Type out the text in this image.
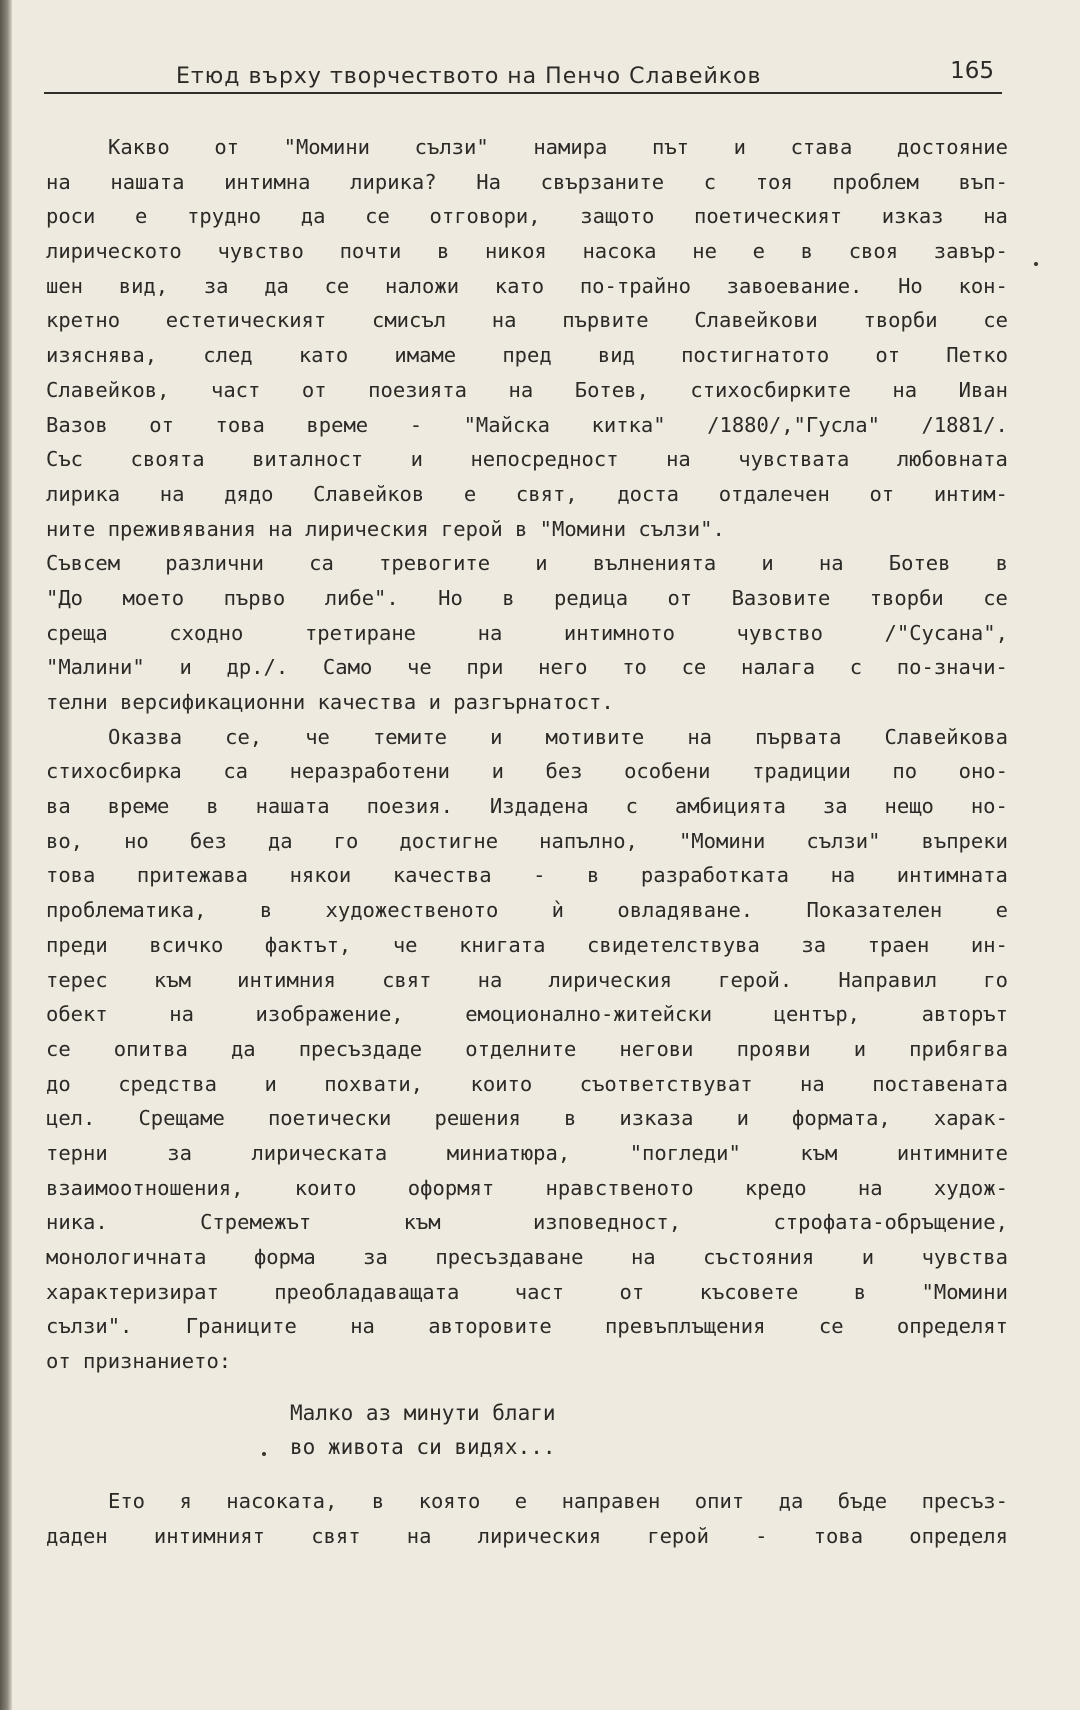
Етюд върху творчеството на Пенчо Славейков	165
Какво от "Момини сълзи" намира път и става достояние
на нашата интимна лирика? На свързаните с тоя проблем въп-
роси е трудно да се отговори, защото поетическият изказ на
лирическото чувство почти в никоя насока не е в своя завър-
шен вид, за да се наложи като по-трайно завоевание. Но кон-
кретно естетическият смисъл на първите Славейкови творби се
изяснява, след като имаме пред вид постигнатото от Петко
Славейков, част от поезията на Ботев, стихосбирките на Иван
Вазов от това време - "Майска китка" /1880/,"Гусла" /1881/.
Със своята виталност и непосредност на чувствата любовната
лирика на дядо Славейков е свят, доста отдалечен от интим-
ните преживявания на лирическия герой в "Момини сълзи".
Съвсем различни са тревогите и вълненията и на Ботев в
"До моето първо либе". Но в редица от Вазовите творби се
среща	сходно	третиране	на	интимното	чувство	/"Сусана",
"Малини" и др./. Само че при него то се налага с по-значи-
телни версификационни качества и разгърнатост.
Оказва се, че темите и мотивите на първата Славейкова
стихосбирка са неразработени и без особени традиции по оно-
ва време в нашата поезия. Издадена с амбицията за нещо но-
во, но без да го достигне напълно, "Момини сълзи" въпреки
това притежава някои качества - в разработката на интимната
проблематика,	в	художественото	ѝ	овладяване.	Показателен	е
преди всичко фактът, че книгата свидетелствува за траен ин-
терес към интимния свят на лирическия герой. Направил го
обект	на	изображение,	емоционално-житейски	център,	авторът
се опитва да пресъздаде отделните негови прояви и прибягва
до средства и похвати, които съответствуват на поставената
цел. Срещаме поетически решения в изказа и формата, харак-
терни	за	лирическата	миниатюра,	"погледи"	към	интимните
взаимоотношения,	които	оформят	нравственото	кредо	на	худож-
ника.	Стремежът	към	изповедност,	строфата-обръщение,
монологичната форма за пресъздаване на състояния и чувства
характеризират	преобладаващата	част	от	късовете	в	"Момини
сълзи".	Границите	на	авторовите	превъплъщения	се	определят
от признанието:
Малко аз минути благи
во живота си видях...
Ето я насоката, в която е направен опит да бъде пресъз-
даден интимният свят на лирическия герой - това определя
